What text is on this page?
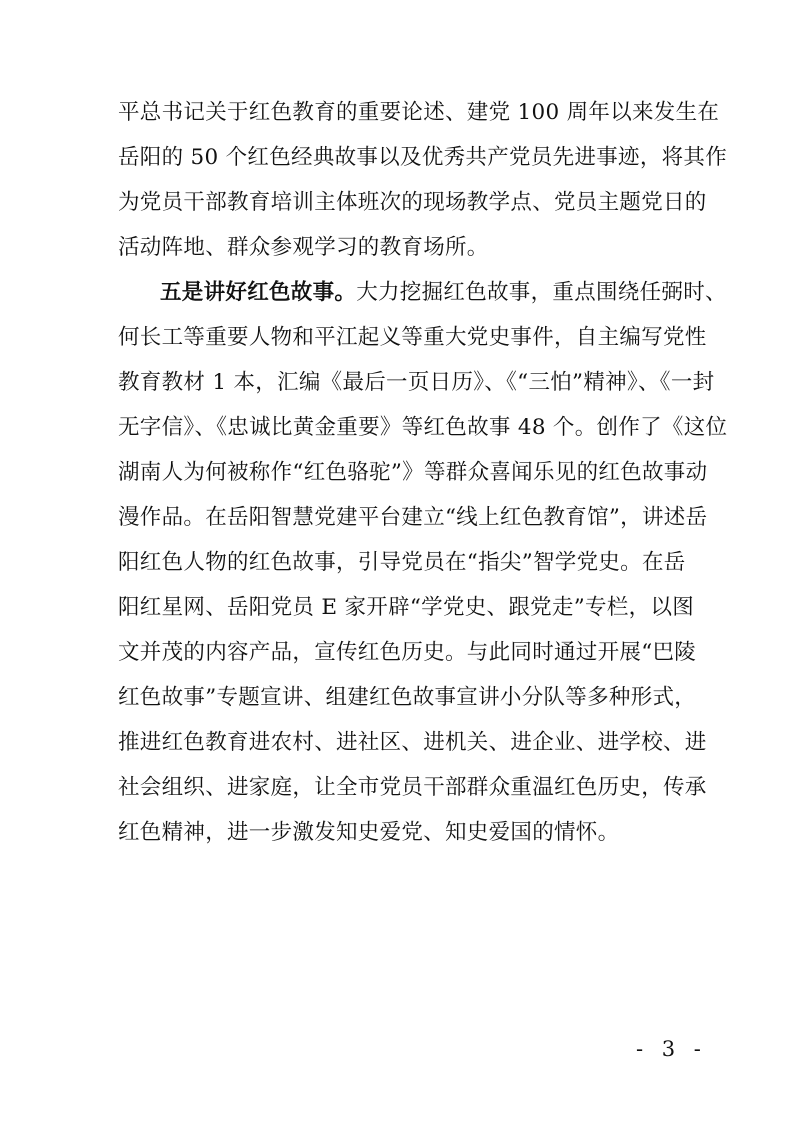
平总书记关于红色教育的重要论述、建党 100 周年以来发生在
岳阳的 50 个红色经典故事以及优秀共产党员先进事迹，将其作
为党员干部教育培训主体班次的现场教学点、党员主题党日的
活动阵地、群众参观学习的教育场所。
五是讲好红色故事。大力挖掘红色故事，重点围绕任弼时、
何长工等重要人物和平江起义等重大党史事件，自主编写党性
教育教材 1 本，汇编《最后一页日历》、《“三怕”精神》、《一封
无字信》、《忠诚比黄金重要》等红色故事 48 个。创作了《这位
湖南人为何被称作“红色骆驼”》等群众喜闻乐见的红色故事动
漫作品。在岳阳智慧党建平台建立“线上红色教育馆”，讲述岳
阳红色人物的红色故事，引导党员在“指尖”智学党史。在岳
阳红星网、岳阳党员 E 家开辟“学党史、跟党走”专栏，以图
文并茂的内容产品，宣传红色历史。与此同时通过开展“巴陵
红色故事”专题宣讲、组建红色故事宣讲小分队等多种形式，
推进红色教育进农村、进社区、进机关、进企业、进学校、进
社会组织、进家庭，让全市党员干部群众重温红色历史，传承
红色精神，进一步激发知史爱党、知史爱国的情怀。
- 3 -
